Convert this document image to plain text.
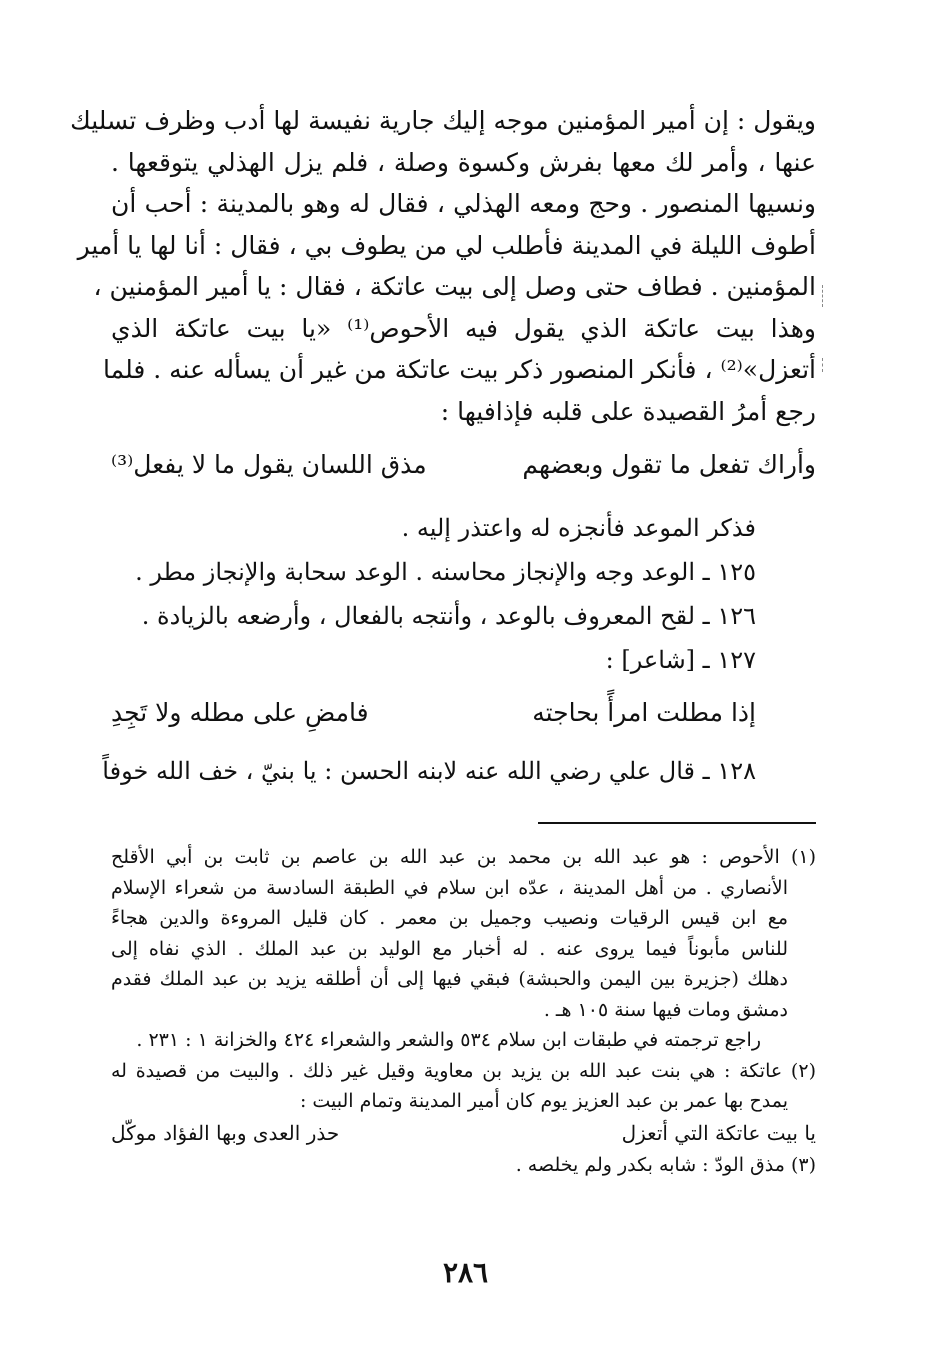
ويقول : إن أمير المؤمنين موجه إليك جارية نفيسة لها أدب وظرف تسليك
عنها ، وأمر لك معها بفرش وكسوة وصلة ، فلم يزل الهذلي يتوقعها .
ونسيها المنصور . وحج ومعه الهذلي ، فقال له وهو بالمدينة : أحب أن
أطوف الليلة في المدينة فأطلب لي من يطوف بي ، فقال : أنا لها يا أمير
المؤمنين . فطاف حتى وصل إلى بيت عاتكة ، فقال : يا أمير المؤمنين ،
وهذا بيت عاتكة الذي يقول فيه الأحوص⁽¹⁾ «يا بيت عاتكة الذي
أتعزل»⁽²⁾ ، فأنكر المنصور ذكر بيت عاتكة من غير أن يسأله عنه . فلما
رجع أمرُ القصيدة على قلبه فإذافيها :
وأراك تفعل ما تقول وبعضهم
مذق اللسان يقول ما لا يفعل⁽³⁾
فذكر الموعد فأنجزه له واعتذر إليه .
١٢٥ ـ الوعد وجه والإنجاز محاسنه . الوعد سحابة والإنجاز مطر .
١٢٦ ـ لقح المعروف بالوعد ، وأنتجه بالفعال ، وأرضعه بالزيادة .
١٢٧ ـ [شاعر] :
إذا مطلت امرأً بحاجته
فامضِ على مطله ولا تَجِدِ
١٢٨ ـ قال علي رضي الله عنه لابنه الحسن : يا بنيّ ، خف الله خوفاً
(١) الأحوص : هو عبد الله بن محمد بن عبد الله بن عاصم بن ثابت بن أبي الأقلح
الأنصاري . من أهل المدينة ، عدّه ابن سلام في الطبقة السادسة من شعراء الإسلام
مع ابن قيس الرقيات ونصيب وجميل بن معمر . كان قليل المروءة والدين هجاءً
للناس مأبوناً فيما يروى عنه . له أخبار مع الوليد بن عبد الملك . الذي نفاه إلى
دهلك (جزيرة بين اليمن والحبشة) فبقي فيها إلى أن أطلقه يزيد بن عبد الملك فقدم
دمشق ومات فيها سنة ١٠٥ هـ .
راجع ترجمته في طبقات ابن سلام ٥٣٤ والشعر والشعراء ٤٢٤ والخزانة ١ : ٢٣١ .
(٢) عاتكة : هي بنت عبد الله بن يزيد بن معاوية وقيل غير ذلك . والبيت من قصيدة له
يمدح بها عمر بن عبد العزيز يوم كان أمير المدينة وتمام البيت :
يا بيت عاتكة التي أتعزل
حذر العدى وبها الفؤاد موكّل
(٣) مذق الودّ : شابه بكدر ولم يخلصه .
٢٨٦
